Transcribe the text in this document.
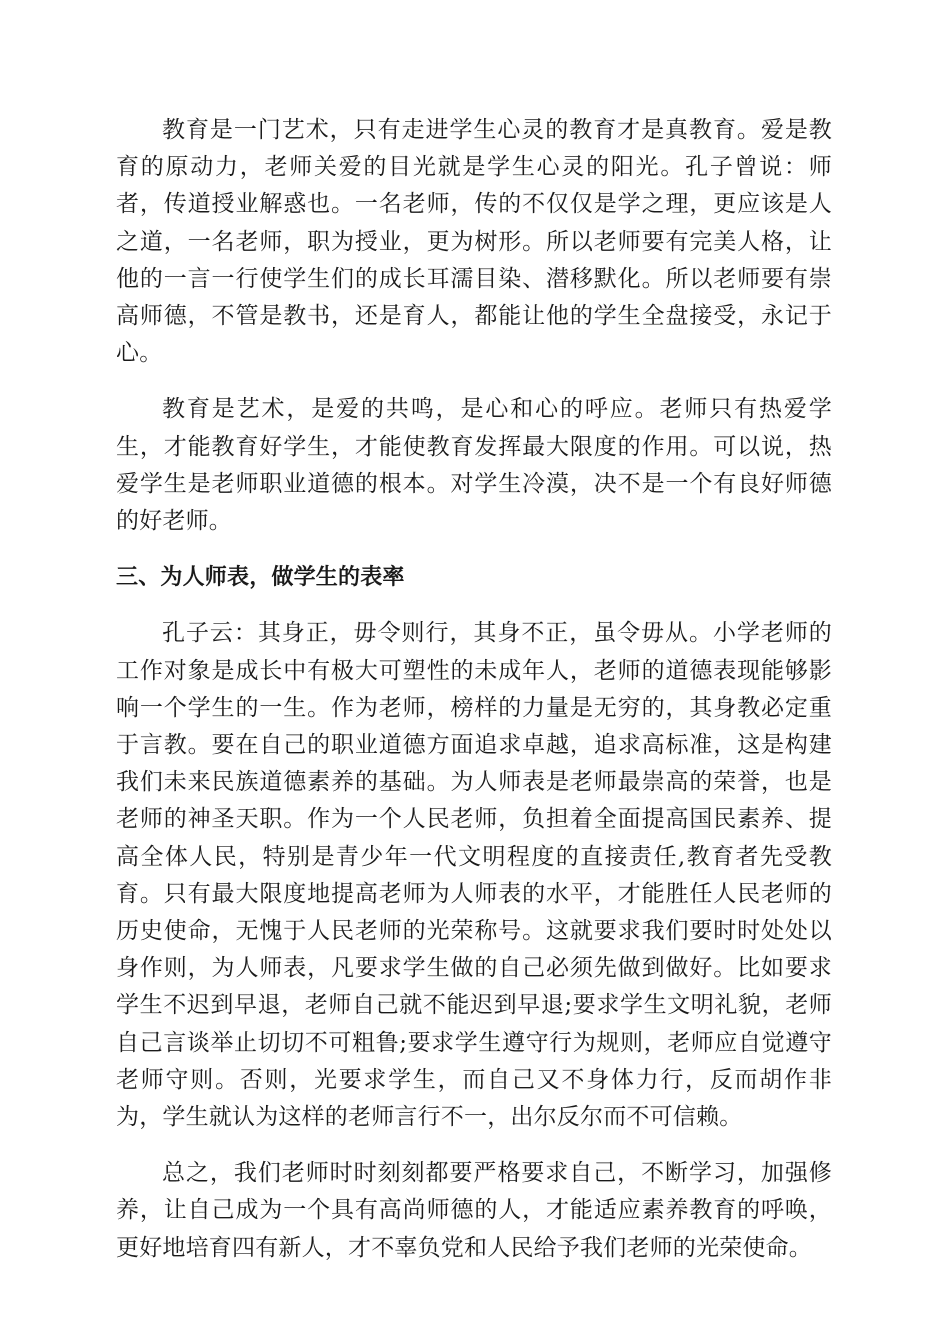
教育是一门艺术，只有走进学生心灵的教育才是真教育。爱是教育的原动力，老师关爱的目光就是学生心灵的阳光。孔子曾说：师者，传道授业解惑也。一名老师，传的不仅仅是学之理，更应该是人之道，一名老师，职为授业，更为树形。所以老师要有完美人格，让他的一言一行使学生们的成长耳濡目染、潜移默化。所以老师要有崇高师德，不管是教书，还是育人，都能让他的学生全盘接受，永记于心。

教育是艺术，是爱的共鸣，是心和心的呼应。老师只有热爱学生，才能教育好学生，才能使教育发挥最大限度的作用。可以说，热爱学生是老师职业道德的根本。对学生冷漠，决不是一个有良好师德的好老师。

三、为人师表，做学生的表率

孔子云：其身正，毋令则行，其身不正，虽令毋从。小学老师的工作对象是成长中有极大可塑性的未成年人，老师的道德表现能够影响一个学生的一生。作为老师，榜样的力量是无穷的，其身教必定重于言教。要在自己的职业道德方面追求卓越，追求高标准，这是构建我们未来民族道德素养的基础。为人师表是老师最崇高的荣誉，也是老师的神圣天职。作为一个人民老师，负担着全面提高国民素养、提高全体人民，特别是青少年一代文明程度的直接责任,教育者先受教育。只有最大限度地提高老师为人师表的水平，才能胜任人民老师的历史使命，无愧于人民老师的光荣称号。这就要求我们要时时处处以身作则，为人师表，凡要求学生做的自己必须先做到做好。比如要求学生不迟到早退，老师自己就不能迟到早退;要求学生文明礼貌，老师自己言谈举止切切不可粗鲁;要求学生遵守行为规则，老师应自觉遵守老师守则。否则，光要求学生，而自己又不身体力行，反而胡作非为，学生就认为这样的老师言行不一，出尔反尔而不可信赖。

总之，我们老师时时刻刻都要严格要求自己，不断学习，加强修养，让自己成为一个具有高尚师德的人，才能适应素养教育的呼唤，更好地培育四有新人，才不辜负党和人民给予我们老师的光荣使命。
